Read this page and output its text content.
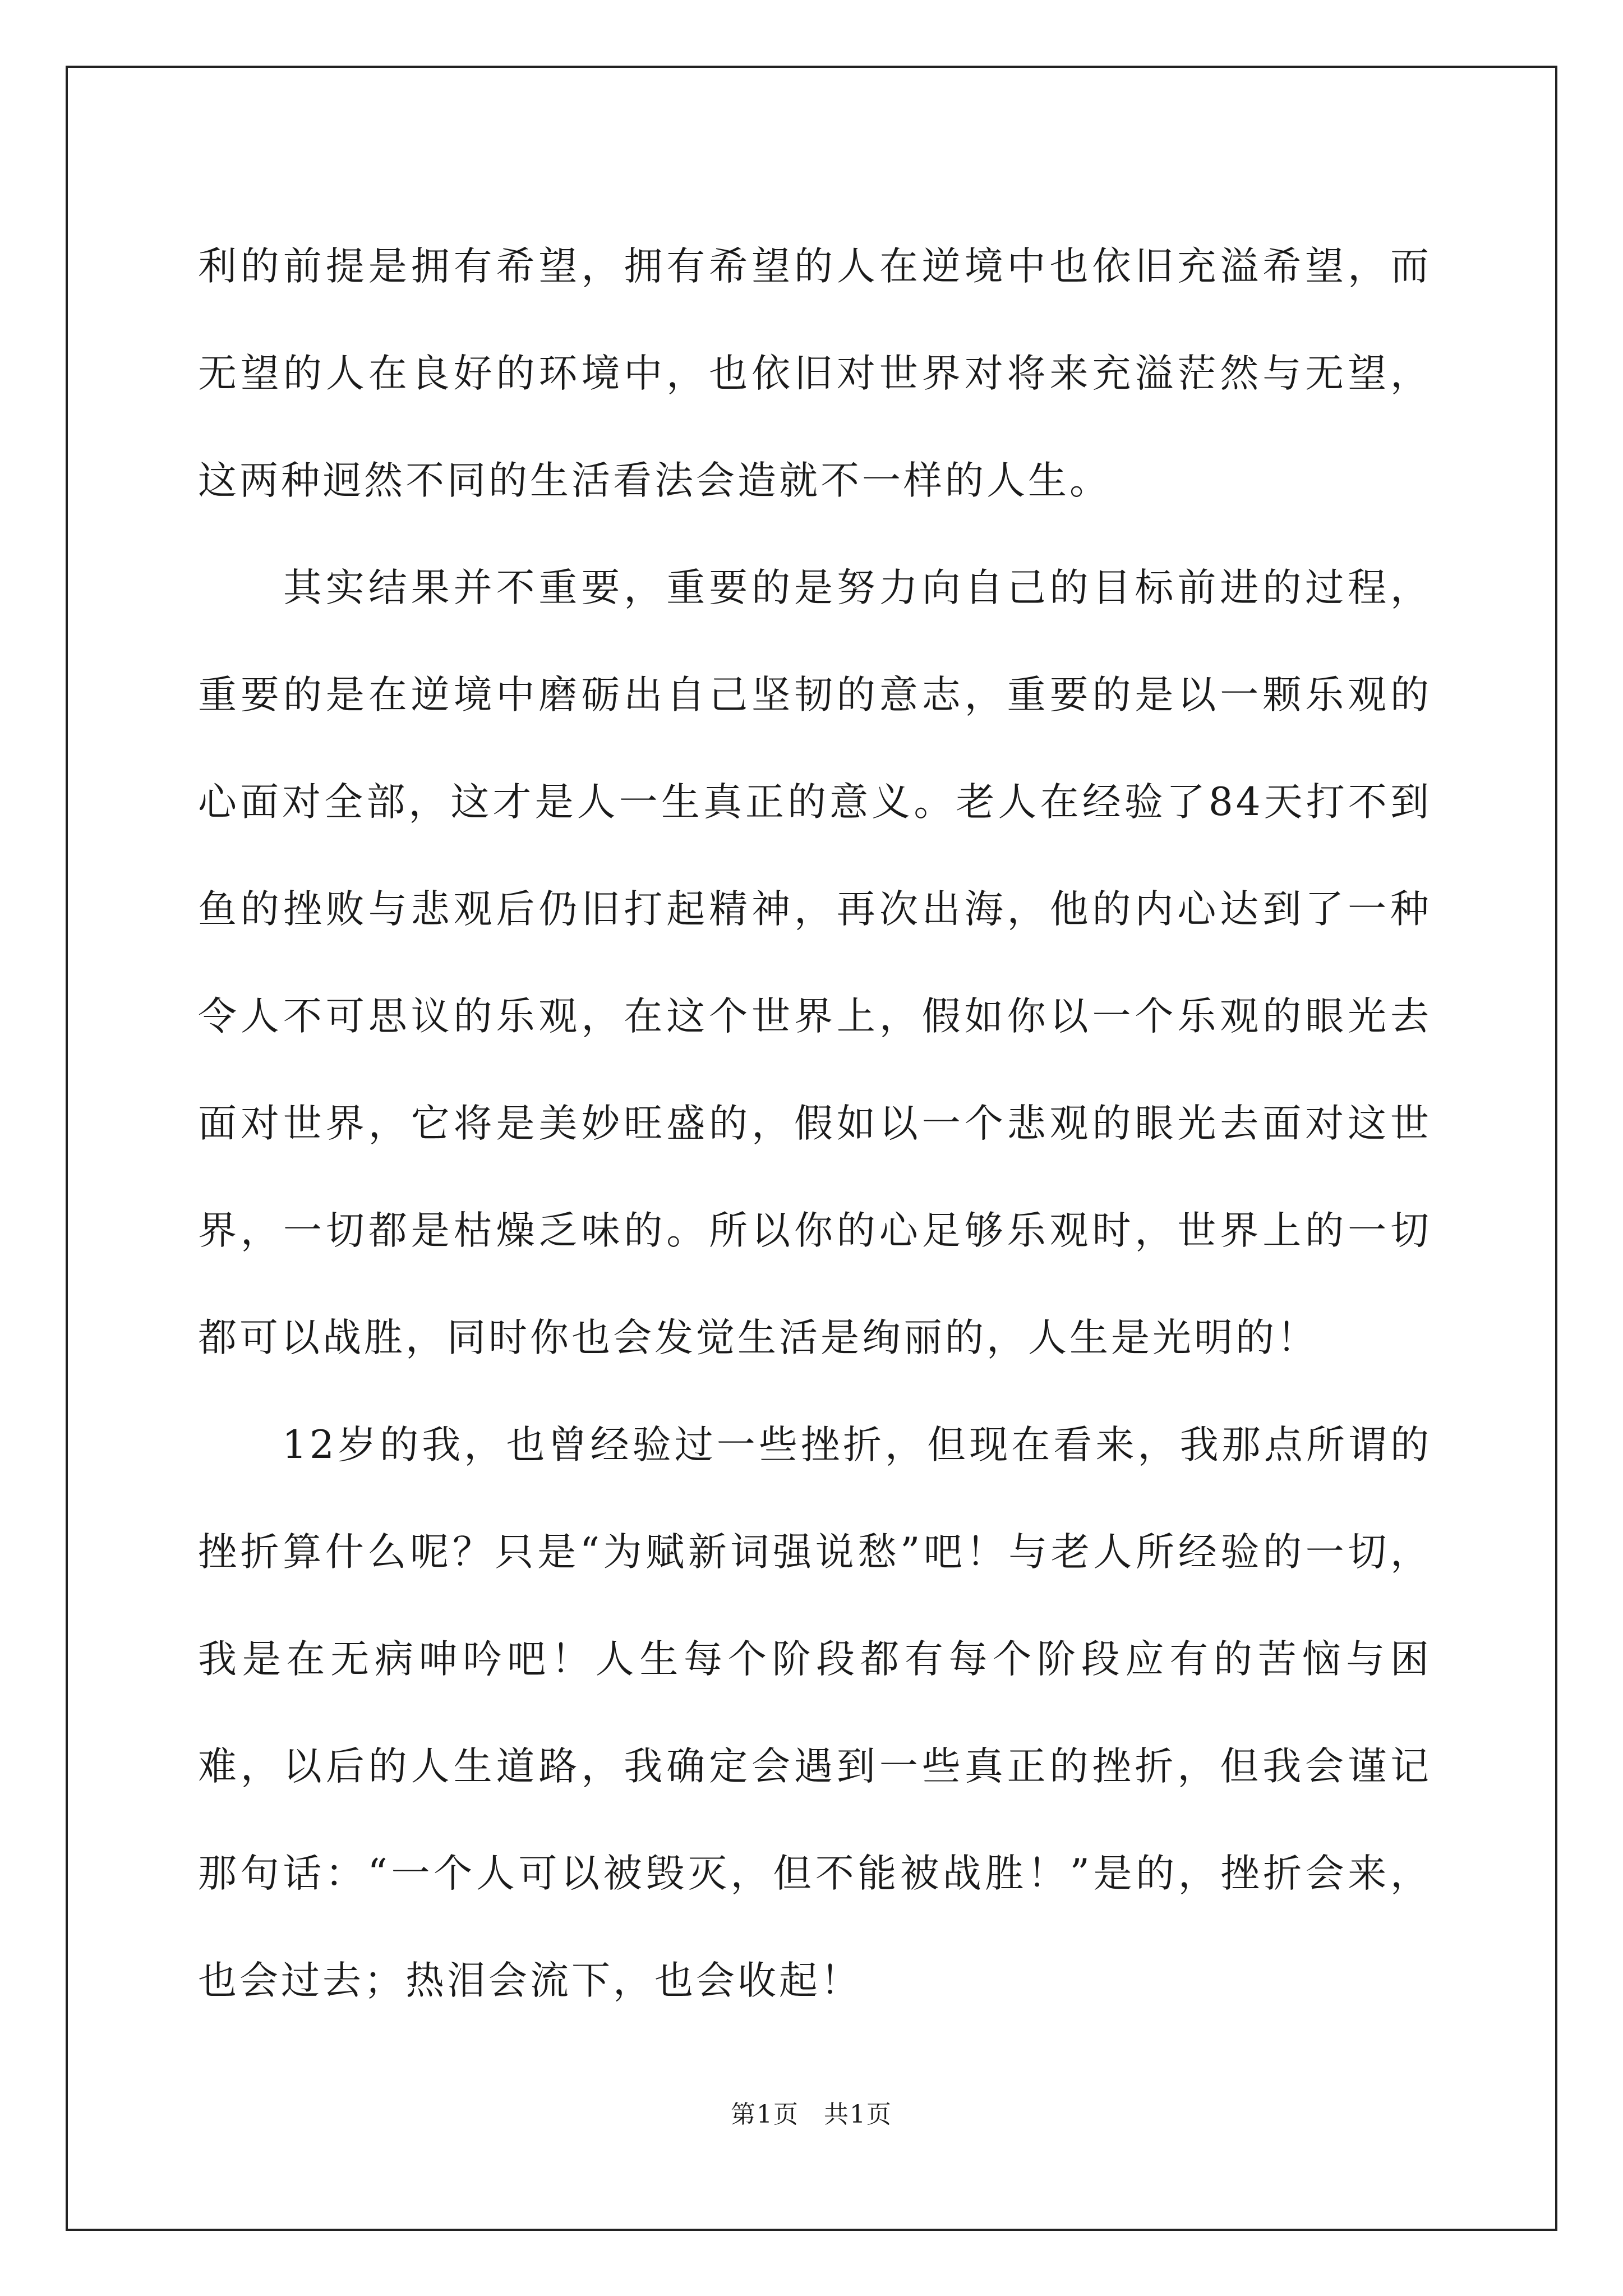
利的前提是拥有希望，拥有希望的人在逆境中也依旧充溢希望，而无望的人在良好的环境中，也依旧对世界对将来充溢茫然与无望，这两种迥然不同的生活看法会造就不一样的人生。

　　其实结果并不重要，重要的是努力向自己的目标前进的过程，重要的是在逆境中磨砺出自己坚韧的意志，重要的是以一颗乐观的心面对全部，这才是人一生真正的意义。老人在经验了84天打不到鱼的挫败与悲观后仍旧打起精神，再次出海，他的内心达到了一种令人不可思议的乐观，在这个世界上，假如你以一个乐观的眼光去面对世界，它将是美妙旺盛的，假如以一个悲观的眼光去面对这世界，一切都是枯燥乏味的。所以你的心足够乐观时，世界上的一切都可以战胜，同时你也会发觉生活是绚丽的，人生是光明的！

　　12岁的我，也曾经验过一些挫折，但现在看来，我那点所谓的挫折算什么呢？只是“为赋新词强说愁”吧！与老人所经验的一切，我是在无病呻吟吧！人生每个阶段都有每个阶段应有的苦恼与困难，以后的人生道路，我确定会遇到一些真正的挫折，但我会谨记那句话：“一个人可以被毁灭，但不能被战胜！”是的，挫折会来，也会过去；热泪会流下，也会收起！

第1页 共1页
